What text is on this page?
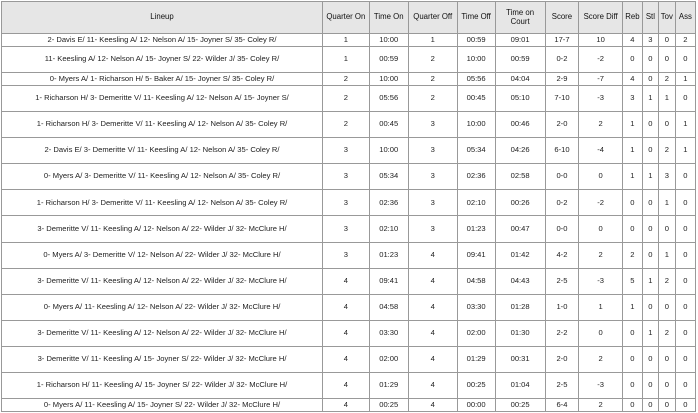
Lineup	Quarter On	Time On	Quarter Off	Time Off	Time on Court	Score	Score Diff	Reb	Stl	Tov	Ass
2- Davis E/ 11- Keesling A/ 12- Nelson A/ 15- Joyner S/ 35- Coley R/	1	10:00	1	00:59	09:01	17-7	10	4	3	0	2
11- Keesling A/ 12- Nelson A/ 15- Joyner S/ 22- Wilder J/ 35- Coley R/	1	00:59	2	10:00	00:59	0-2	-2	0	0	0	0
0- Myers A/ 1- Richarson H/ 5- Baker A/ 15- Joyner S/ 35- Coley R/	2	10:00	2	05:56	04:04	2-9	-7	4	0	2	1
1- Richarson H/ 3- Demeritte V/ 11- Keesling A/ 12- Nelson A/ 15- Joyner S/	2	05:56	2	00:45	05:10	7-10	-3	3	1	1	0
1- Richarson H/ 3- Demeritte V/ 11- Keesling A/ 12- Nelson A/ 35- Coley R/	2	00:45	3	10:00	00:46	2-0	2	1	0	0	1
2- Davis E/ 3- Demeritte V/ 11- Keesling A/ 12- Nelson A/ 35- Coley R/	3	10:00	3	05:34	04:26	6-10	-4	1	0	2	1
0- Myers A/ 3- Demeritte V/ 11- Keesling A/ 12- Nelson A/ 35- Coley R/	3	05:34	3	02:36	02:58	0-0	0	1	1	3	0
1- Richarson H/ 3- Demeritte V/ 11- Keesling A/ 12- Nelson A/ 35- Coley R/	3	02:36	3	02:10	00:26	0-2	-2	0	0	1	0
3- Demeritte V/ 11- Keesling A/ 12- Nelson A/ 22- Wilder J/ 32- McClure H/	3	02:10	3	01:23	00:47	0-0	0	0	0	0	0
0- Myers A/ 3- Demeritte V/ 12- Nelson A/ 22- Wilder J/ 32- McClure H/	3	01:23	4	09:41	01:42	4-2	2	2	0	1	0
3- Demeritte V/ 11- Keesling A/ 12- Nelson A/ 22- Wilder J/ 32- McClure H/	4	09:41	4	04:58	04:43	2-5	-3	5	1	2	0
0- Myers A/ 11- Keesling A/ 12- Nelson A/ 22- Wilder J/ 32- McClure H/	4	04:58	4	03:30	01:28	1-0	1	1	0	0	0
3- Demeritte V/ 11- Keesling A/ 12- Nelson A/ 22- Wilder J/ 32- McClure H/	4	03:30	4	02:00	01:30	2-2	0	0	1	2	0
3- Demeritte V/ 11- Keesling A/ 15- Joyner S/ 22- Wilder J/ 32- McClure H/	4	02:00	4	01:29	00:31	2-0	2	0	0	0	0
1- Richarson H/ 11- Keesling A/ 15- Joyner S/ 22- Wilder J/ 32- McClure H/	4	01:29	4	00:25	01:04	2-5	-3	0	0	0	0
0- Myers A/ 11- Keesling A/ 15- Joyner S/ 22- Wilder J/ 32- McClure H/	4	00:25	4	00:00	00:25	6-4	2	0	0	0	0
